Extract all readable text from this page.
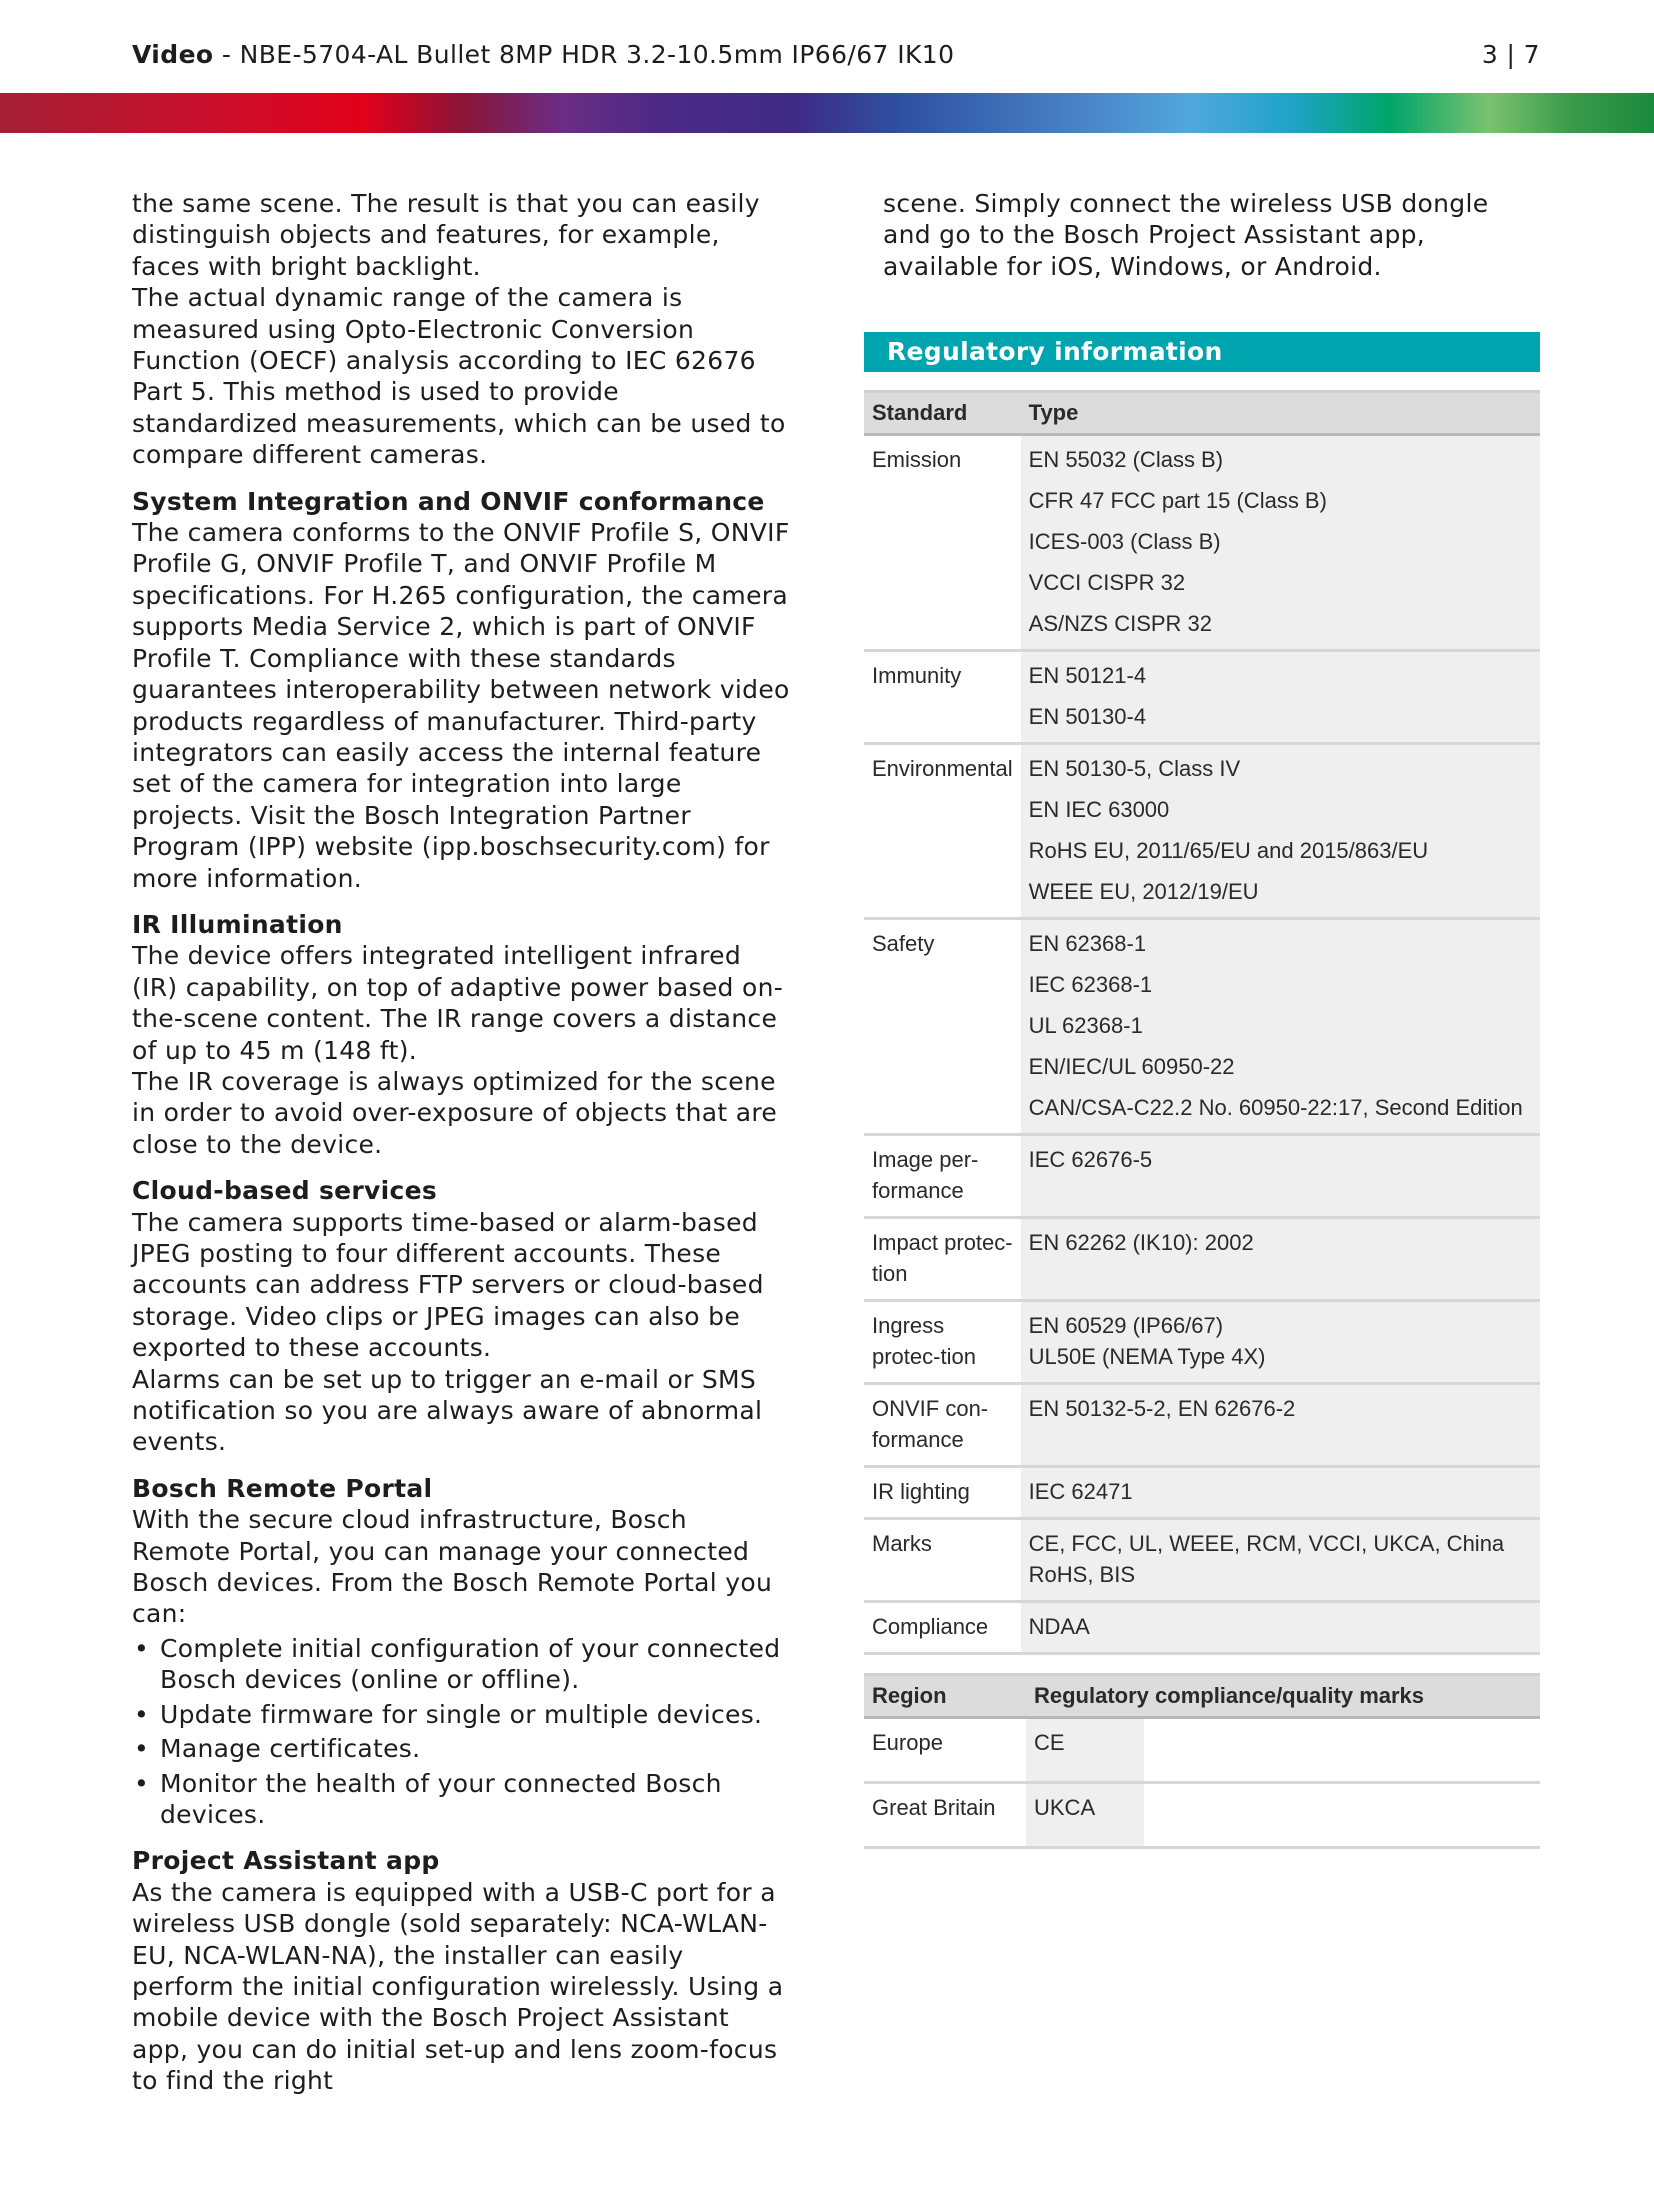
Video - NBE-5704-AL Bullet 8MP HDR 3.2-10.5mm IP66/67 IK10	3 | 7

the same scene. The result is that you can easily distinguish objects and features, for example, faces with bright backlight.

The actual dynamic range of the camera is measured using Opto-Electronic Conversion Function (OECF) analysis according to IEC 62676 Part 5. This method is used to provide standardized measurements, which can be used to compare different cameras.

System Integration and ONVIF conformance

The camera conforms to the ONVIF Profile S, ONVIF Profile G, ONVIF Profile T, and ONVIF Profile M specifications. For H.265 configuration, the camera supports Media Service 2, which is part of ONVIF Profile T. Compliance with these standards guarantees interoperability between network video products regardless of manufacturer. Third-party integrators can easily access the internal feature set of the camera for integration into large projects. Visit the Bosch Integration Partner Program (IPP) website (ipp.boschsecurity.com) for more information.

IR Illumination

The device offers integrated intelligent infrared (IR) capability, on top of adaptive power based on-the-scene content. The IR range covers a distance of up to 45 m (148 ft).

The IR coverage is always optimized for the scene in order to avoid over-exposure of objects that are close to the device.

Cloud-based services

The camera supports time-based or alarm-based JPEG posting to four different accounts. These accounts can address FTP servers or cloud-based storage. Video clips or JPEG images can also be exported to these accounts.

Alarms can be set up to trigger an e-mail or SMS notification so you are always aware of abnormal events.

Bosch Remote Portal

With the secure cloud infrastructure, Bosch Remote Portal, you can manage your connected Bosch devices. From the Bosch Remote Portal you can:

• Complete initial configuration of your connected Bosch devices (online or offline).
• Update firmware for single or multiple devices.
• Manage certificates.
• Monitor the health of your connected Bosch devices.
Project Assistant app

As the camera is equipped with a USB-C port for a wireless USB dongle (sold separately: NCA-WLAN-EU, NCA-WLAN-NA), the installer can easily perform the initial configuration wirelessly. Using a mobile device with the Bosch Project Assistant app, you can do initial set-up and lens zoom-focus to find the right

scene. Simply connect the wireless USB dongle and go to the Bosch Project Assistant app, available for iOS, Windows, or Android.

Regulatory information
Standard	Type
Emission	EN 55032 (Class B)
CFR 47 FCC part 15 (Class B)
ICES-003 (Class B)
VCCI CISPR 32
AS/NZS CISPR 32

Immunity	EN 50121-4
EN 50130-4

Environmental	EN 50130-5, Class IV
EN IEC 63000
RoHS EU, 2011/65/EU and 2015/863/EU
WEEE EU, 2012/19/EU

Safety	EN 62368-1
IEC 62368-1
UL 62368-1
EN/IEC/UL 60950-22
CAN/CSA-C22.2 No. 60950-22:17, Second Edition

Image per-formance	IEC 62676-5

Impact protec-tion	EN 62262 (IK10): 2002

Ingress protec-tion	EN 60529 (IP66/67)
UL50E (NEMA Type 4X)

ONVIF con-formance	EN 50132-5-2, EN 62676-2

IR lighting	IEC 62471

Marks	CE, FCC, UL, WEEE, RCM, VCCI, UKCA, China RoHS, BIS

Compliance	NDAA
Region	Regulatory compliance/quality marks	
Europe	CE	
Great Britain	UKCA	
